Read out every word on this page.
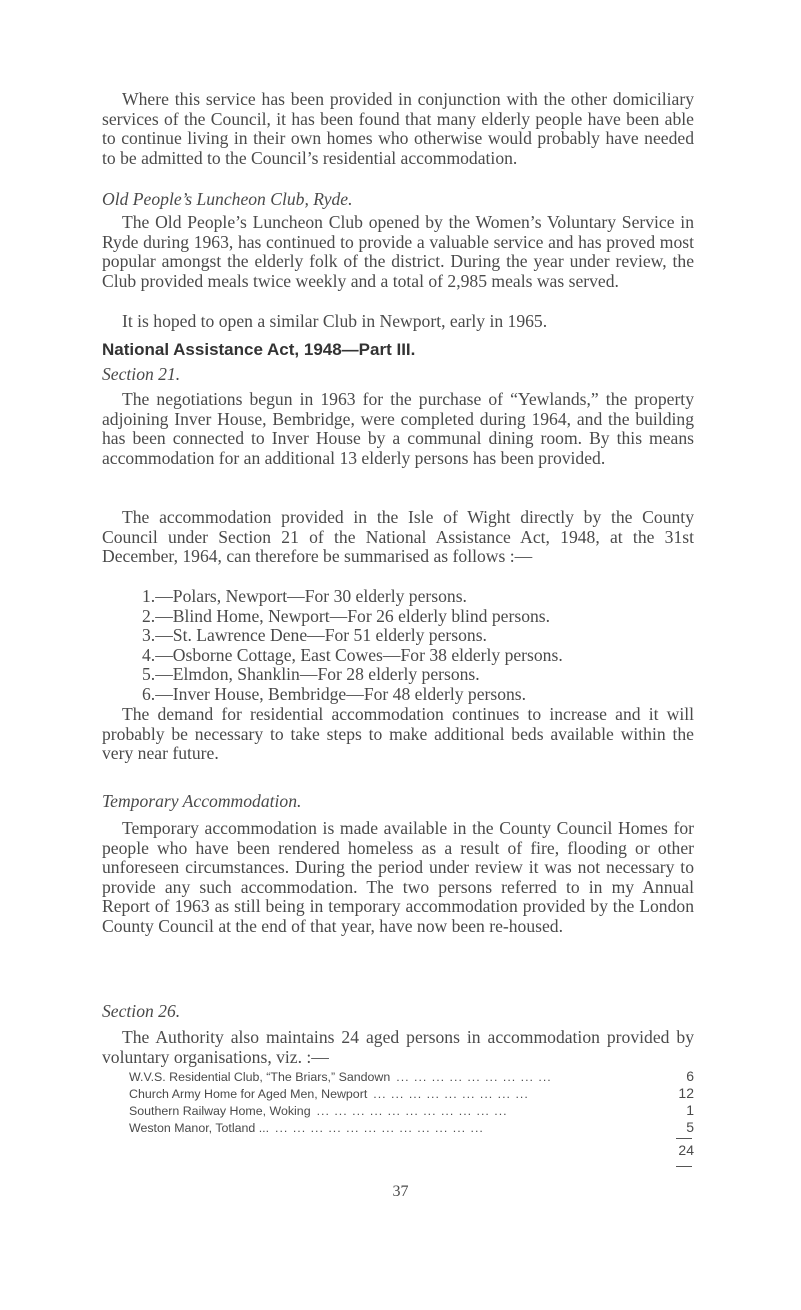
Where this service has been provided in conjunction with the other domiciliary services of the Council, it has been found that many elderly people have been able to continue living in their own homes who otherwise would probably have needed to be admitted to the Council’s residential accommodation.

Old People’s Luncheon Club, Ryde.

The Old People’s Luncheon Club opened by the Women’s Voluntary Service in Ryde during 1963, has continued to provide a valuable service and has proved most popular amongst the elderly folk of the district. During the year under review, the Club provided meals twice weekly and a total of 2,985 meals was served.

It is hoped to open a similar Club in Newport, early in 1965.

National Assistance Act, 1948—Part III.

Section 21.

The negotiations begun in 1963 for the purchase of “Yewlands,” the property adjoining Inver House, Bembridge, were completed during 1964, and the building has been connected to Inver House by a communal dining room. By this means accommodation for an additional 13 elderly persons has been provided.

The accommodation provided in the Isle of Wight directly by the County Council under Section 21 of the National Assistance Act, 1948, at the 31st December, 1964, can therefore be summarised as follows :—

1.—Polars, Newport—For 30 elderly persons.
2.—Blind Home, Newport—For 26 elderly blind persons.
3.—St. Lawrence Dene—For 51 elderly persons.
4.—Osborne Cottage, East Cowes—For 38 elderly persons.
5.—Elmdon, Shanklin—For 28 elderly persons.
6.—Inver House, Bembridge—For 48 elderly persons.

The demand for residential accommodation continues to increase and it will probably be necessary to take steps to make additional beds available within the very near future.

Temporary Accommodation.

Temporary accommodation is made available in the County Council Homes for people who have been rendered homeless as a result of fire, flooding or other unforeseen circumstances. During the period under review it was not necessary to provide any such accommodation. The two persons referred to in my Annual Report of 1963 as still being in temporary accommodation provided by the London County Council at the end of that year, have now been re-housed.

Section 26.

The Authority also maintains 24 aged persons in accommodation provided by voluntary organisations, viz. :—

W.V.S. Residential Club, “The Briars,” Sandown ... ... ... ... ... ... ... ... ...	6
Church Army Home for Aged Men, Newport ... ... ... ... ... ... ... ... ...	12
Southern Railway Home, Woking ... ... ... ... ... ... ... ... ... ... ...	1
Weston Manor, Totland ... ... ... ... ... ... ... ... ... ... ... ... ...	5
24
37
